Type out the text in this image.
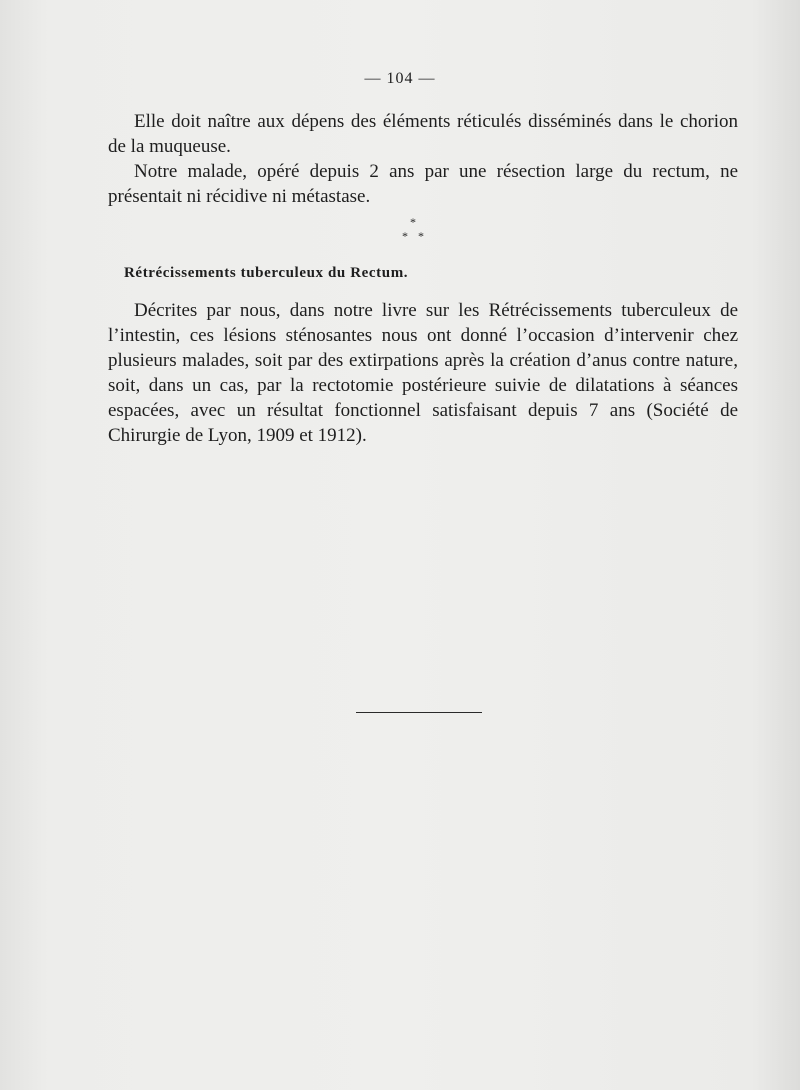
— 104 —

Elle doit naître aux dépens des éléments réticulés disséminés dans le chorion de la muqueuse.

Notre malade, opéré depuis 2 ans par une résection large du rectum, ne présentait ni récidive ni métastase.

*
* *
Rétrécissements tuberculeux du Rectum.

Décrites par nous, dans notre livre sur les Rétrécissements tuberculeux de l’intestin, ces lésions sténosantes nous ont donné l’occasion d’intervenir chez plusieurs malades, soit par des extirpations après la création d’anus contre nature, soit, dans un cas, par la rectotomie postérieure suivie de dilatations à séances espacées, avec un résultat fonctionnel satisfaisant depuis 7 ans (Société de Chirurgie de Lyon, 1909 et 1912).
